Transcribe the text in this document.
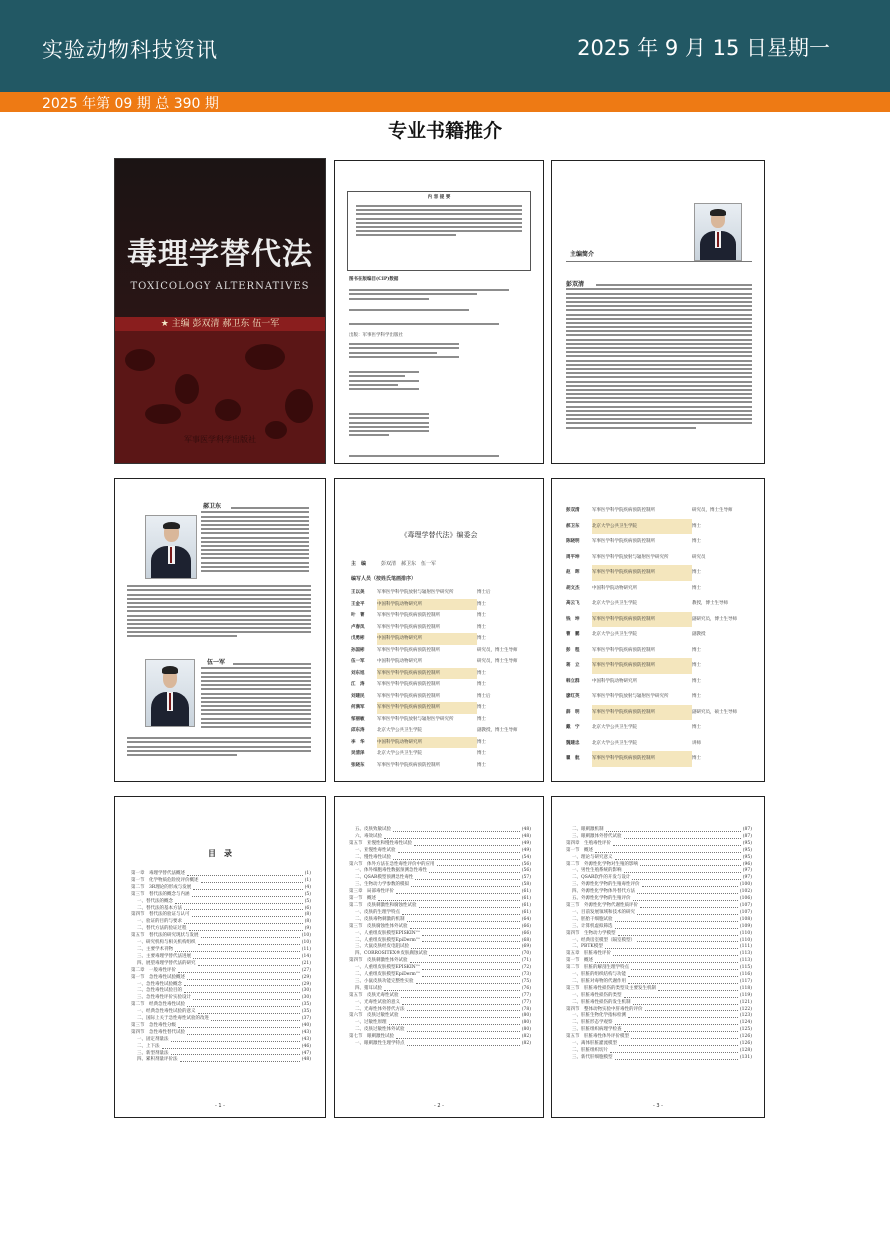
实验动物科技资讯	2025 年 9 月 15 日星期一
2025 年第 09 期 总 390 期
专业书籍推介
毒理学替代法
TOXICOLOGY ALTERNATIVES
★ 主编 彭双清 郝卫东 伍一军
军事医学科学出版社
内 容 提 要
图书在版编目(CIP)数据
出版：军事医学科学出版社
主编简介
彭双清
郝卫东
伍一军
《毒理学替代法》编委会
主　编	彭双清　郝卫东　伍一军
编写人员（按姓氏笔画排序）
王以美	军事医学科学院放射与辐射医学研究所	博士后
王金平	中国科学院动物研究所	博士
叶　菁	军事医学科学院疾病预防控制所	博士
卢春凤	军事医学科学院疾病预防控制所	博士
戊勇彬	中国科学院动物研究所	博士
孙国彬	军事医学科学院疾病预防控制所	研究员，博士生导师
伍一军	中国科学院动物研究所	研究员，博士生导师
刘东旭	军事医学科学院疾病预防控制所	博士
江　涛	军事医学科学院疾病预防控制所	博士
刘建民	军事医学科学院疾病预防控制所	博士后
何满军	军事医学科学院疾病预防控制所	博士
邹丽敏	军事医学科学院放射与辐射医学研究所	博士
邱东涛	北京大学公共卫生学院	副教授，博士生导师
李　华	中国科学院动物研究所	博士
吴清泽	北京大学公共卫生学院	博士
张晓东	军事医学科学院疾病预防控制所	博士
彭双清	军事医学科学院疾病预防控制所	研究员，博士生导师
郝卫东	北京大学公共卫生学院	博士
陈晓明	军事医学科学院疾病预防控制所	博士
周平坤	军事医学科学院放射与辐射医学研究所	研究员
赵　晖	军事医学科学院疾病预防控制所	博士
胡文杰	中国科学院动物研究所	博士
高云飞	北京大学公共卫生学院	教授，博士生导师
钱　坤	军事医学科学院疾病预防控制所	副研究员，博士生导师
曹　鹏	北京大学公共卫生学院	副教授
彭　程	军事医学科学院疾病预防控制所	博士
蒋　立	军事医学科学院疾病预防控制所	博士
韩立群	中国科学院动物研究所	博士
廖红英	军事医学科学院放射与辐射医学研究所	博士
薛　明	军事医学科学院疾病预防控制所	副研究员，硕士生导师
戴　宁	北京大学公共卫生学院	博士
魏建忠	北京大学公共卫生学院	讲师
瞿　航	军事医学科学院疾病预防控制所	博士
目　录
第一章　毒理学替代法概述	(1)
第一节　化学物质危险度评价概述	(1)
第二节　3R理论的形成与发展	(4)
第三节　替代法的概念与内涵	(5)
一、替代法的概念	(5)
二、替代法的基本方法	(6)
第四节　替代法的验证与认可	(8)
一、验证的目的与要求	(8)
二、替代方法的验证过程	(9)
第五节　替代法的研究现状与发展	(10)
一、研究机构与相关机构组织	(10)
二、主要学术刊物	(11)
三、主要毒理学替代法进展	(14)
四、展望毒理学替代法的研究	(21)
第二章　一般毒性评价	(27)
第一节　急性毒性试验概述	(29)
一、急性毒性试验概念	(29)
二、急性毒性试验目的	(30)
三、急性毒性评价实验设计	(30)
第二节　经典急性毒性试验	(35)
一、经典急性毒性试验的意义	(35)
二、国际上关于急性毒性试验的改进	(37)
第三节　急性毒性分级	(40)
第四节　急性毒性替代试验	(43)
一、固定剂量法	(43)
二、上下法	(46)
三、新型剂量法	(47)
四、累积剂量评价法	(48)
- 1 -
五、皮肤致敏试验	(48)
六、毒效试验	(48)
第五节　亚慢性和慢性毒性试验	(49)
一、亚慢性毒性试验	(49)
二、慢性毒性试验	(54)
第六节　体外方法在急性毒性评价中的应用	(56)
一、体外细胞毒性数据预测急性毒性	(56)
二、QSAR模型预测急性毒性	(57)
三、生物动力学参数的模拟	(58)
第三章　局部毒性评价	(61)
第一节　概述	(61)
第二节　皮肤刺激性和腐蚀性试验	(61)
一、皮肤的生理学特点	(61)
二、皮肤毒物刺激的机制	(64)
第三节　皮肤腐蚀性体外试验	(66)
一、人重组皮肤模型EPISKIN™	(66)
二、人重组皮肤模型EpiDerm™	(68)
三、大鼠皮肤经皮电阻试验	(69)
四、CORROSITEX®皮肤腐蚀试验	(70)
第四节　皮肤刺激性体外试验	(71)
一、人重组皮肤模型EPISKIN™	(72)
二、人重组皮肤模型EpiDerm™	(73)
三、小鼠皮肤功能完整性实验	(75)
四、猪耳试验	(76)
第五节　皮肤光毒性试验	(77)
一、光毒性试验的意义	(77)
二、光毒性体外替代方法	(78)
第六节　皮肤过敏性试验	(80)
一、过敏性原理	(80)
二、皮肤过敏性体外试验	(80)
第七节　眼刺激性试验	(82)
一、眼刺激性生理学特点	(82)
- 2 -
二、眼刺激机制	(87)
三、眼刺激体外替代试验	(87)
第四章　生殖毒性评价	(95)
第一节　概述	(95)
一、理论与研究意义	(95)
第二节　外源性化学物对生殖的影响	(96)
一、男性生殖系统的影响	(97)
二、QSAR软件的开发与设计	(97)
三、外源性化学物的生殖毒性评价	(100)
四、外源性化学物体外替代方法	(102)
五、外源性化学物的生殖评价	(106)
第三节　外源性化学物代谢性质评价	(107)
一、目前发展领域和技术的研究	(107)
二、胚胎干细胞试验	(108)
三、计算机虚拟筛选	(109)
第四节　生物动力学模型	(110)
一、经典房室模型（隔室模型）	(110)
二、PBTK模型	(111)
第五章　肝脏毒性评价	(113)
第一节　概述	(113)
第二节　肝脏的解剖生理学特点	(115)
一、肝脏的组织结构与功能	(116)
二、肝脏对毒物的代谢作用	(117)
第三节　肝脏毒性损伤的类型及主要发生机制	(118)
一、肝脏毒性损伤的类型	(119)
二、肝脏毒性损伤的发生机制	(121)
第四节　整体动物实验中肝毒性的评价	(122)
一、肝脏生物化学指标检测	(123)
二、肝脏形态学观察	(124)
三、肝脏组织病理学检查	(125)
第五节　肝脏毒性体外评价模型	(126)
一、离体肝脏灌流模型	(126)
二、肝脏组织切片	(128)
三、新代肝细胞模型	(131)
- 3 -
